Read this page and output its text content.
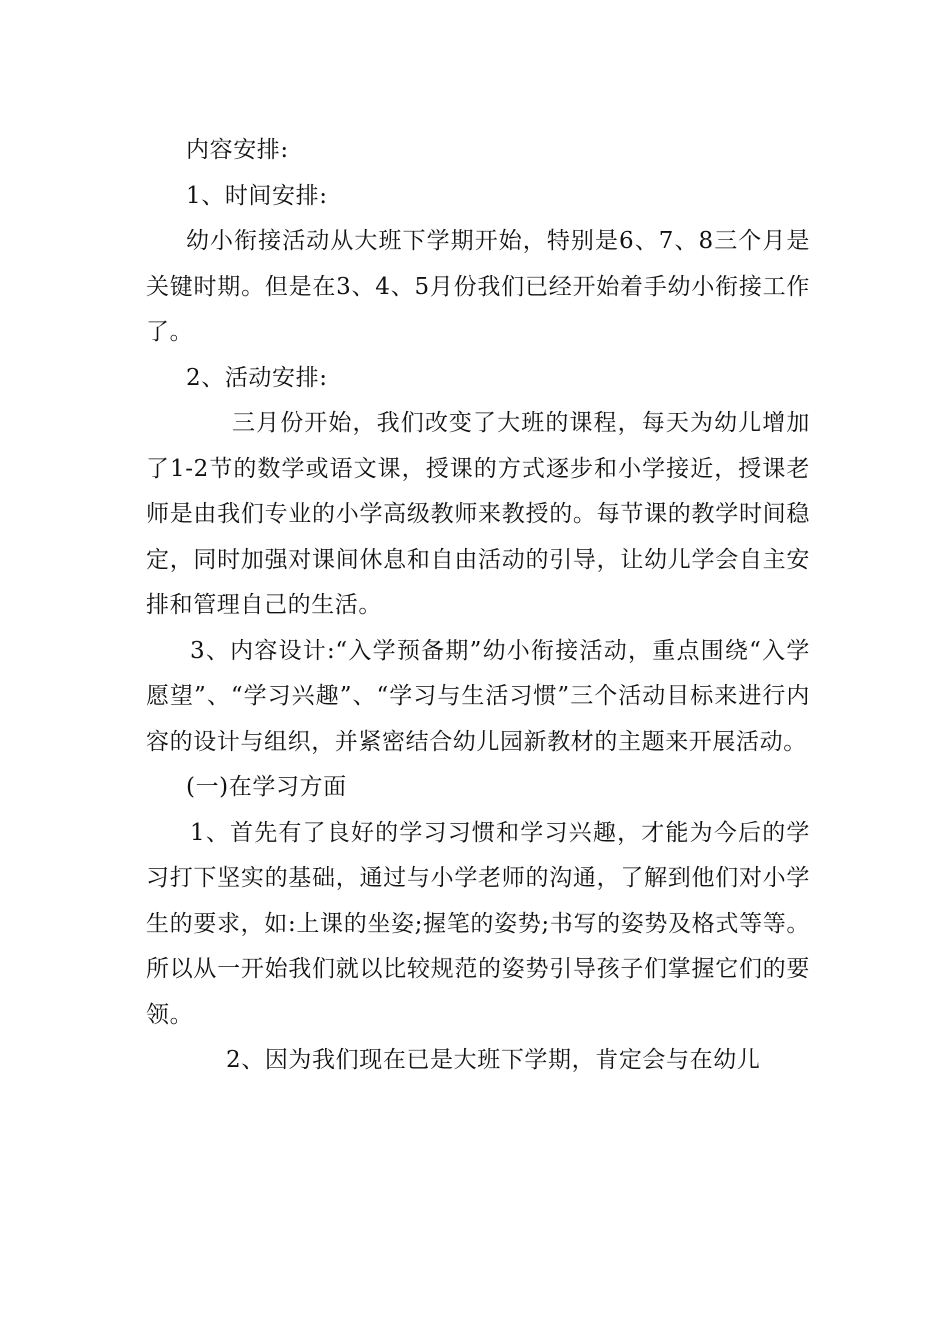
内容安排:

1、时间安排:

幼小衔接活动从大班下学期开始，特别是6、7、8三个月是关键时期。但是在3、4、5月份我们已经开始着手幼小衔接工作了。

2、活动安排:

三月份开始，我们改变了大班的课程，每天为幼儿增加了1-2节的数学或语文课，授课的方式逐步和小学接近，授课老师是由我们专业的小学高级教师来教授的。每节课的教学时间稳定，同时加强对课间休息和自由活动的引导，让幼儿学会自主安排和管理自己的生活。

3、内容设计:“入学预备期”幼小衔接活动，重点围绕“入学愿望”、“学习兴趣”、“学习与生活习惯”三个活动目标来进行内容的设计与组织，并紧密结合幼儿园新教材的主题来开展活动。

(一)在学习方面

1、首先有了良好的学习习惯和学习兴趣，才能为今后的学习打下坚实的基础，通过与小学老师的沟通，了解到他们对小学生的要求，如:上课的坐姿;握笔的姿势;书写的姿势及格式等等。所以从一开始我们就以比较规范的姿势引导孩子们掌握它们的要领。

2、因为我们现在已是大班下学期，肯定会与在幼儿
